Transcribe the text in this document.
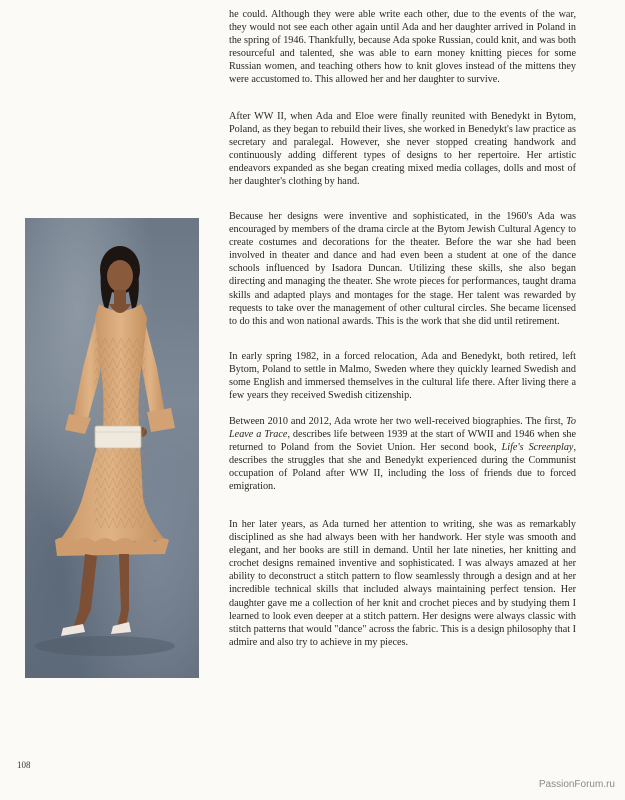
he could. Although they were able write each other, due to the events of the war, they would not see each other again until Ada and her daughter arrived in Poland in the spring of 1946. Thankfully, because Ada spoke Russian, could knit, and was both resourceful and talented, she was able to earn money knitting pieces for some Russian women, and teaching others how to knit gloves instead of the mittens they were accustomed to. This allowed her and her daughter to survive.

After WW II, when Ada and Eloe were finally reunited with Benedykt in Bytom, Poland, as they began to rebuild their lives, she worked in Benedykt's law practice as secretary and paralegal. However, she never stopped creating handwork and continuously adding different types of designs to her repertoire. Her artistic endeavors expanded as she began creating mixed media collages, dolls and most of her daughter's clothing by hand.

Because her designs were inventive and sophisticated, in the 1960's Ada was encouraged by members of the drama circle at the Bytom Jewish Cultural Agency to create costumes and decorations for the theater. Before the war she had been involved in theater and dance and had even been a student at one of the dance schools influenced by Isadora Duncan. Utilizing these skills, she also began directing and managing the theater. She wrote pieces for performances, taught drama skills and adapted plays and montages for the stage. Her talent was rewarded by requests to take over the management of other cultural circles. She became licensed to do this and won national awards. This is the work that she did until retirement.

In early spring 1982, in a forced relocation, Ada and Benedykt, both retired, left Bytom, Poland to settle in Malmo, Sweden where they quickly learned Swedish and some English and immersed themselves in the cultural life there. After living there a few years they received Swedish citizenship.

Between 2010 and 2012, Ada wrote her two well-received biographies. The first, To Leave a Trace, describes life between 1939 at the start of WWII and 1946 when she returned to Poland from the Soviet Union. Her second book, Life's Screenplay, describes the struggles that she and Benedykt experienced during the Communist occupation of Poland after WW II, including the loss of friends due to forced emigration.

In her later years, as Ada turned her attention to writing, she was as remarkably disciplined as she had always been with her handwork. Her style was smooth and elegant, and her books are still in demand. Until her late nineties, her knitting and crochet designs remained inventive and sophisticated. I was always amazed at her ability to deconstruct a stitch pattern to flow seamlessly through a design and at her incredible technical skills that included always maintaining perfect tension. Her daughter gave me a collection of her knit and crochet pieces and by studying them I learned to look even deeper at a stitch pattern. Her designs were always classic with stitch patterns that would "dance" across the fabric. This is a design philosophy that I admire and also try to achieve in my pieces.

108
PassionForum.ru
